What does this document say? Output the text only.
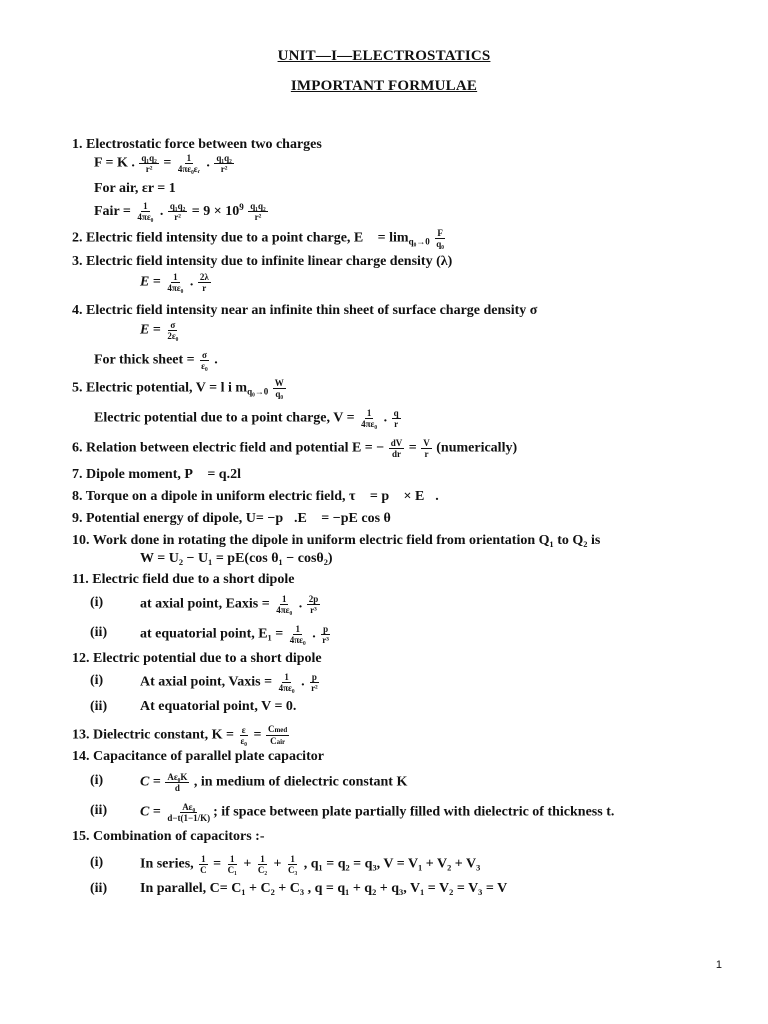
UNIT—I—ELECTROSTATICS
IMPORTANT FORMULAE
1. Electrostatic force between two charges
F = K . $\frac{\text{q₁q₂}}{\text{r²}} = \frac{1}{\text{4πε₀εᵣ}}$ . $\frac{\text{q₁q₂}}{\text{r²}}$
For air, εr = 1
Fair = $\frac{1}{\text{4πε₀}}$ . $\frac{\text{q₁q₂}}{\text{r²}} = 9 \times 10^9 \frac{\text{q₁q₂}}{\text{r²}}$
2. Electric field intensity due to a point charge, E⃗ = $\lim_{q_0\to 0} \frac{F}{\text{q₀}}$
3. Electric field intensity due to infinite linear charge density (λ)
$E = \frac{1}{\text{4πε₀}}$ . $\frac{2\lambda}{r}$
4. Electric field intensity near an infinite thin sheet of surface charge density σ
$E = \frac{\sigma}{\text{2ε₀}}$
For thick sheet = $\frac{\sigma}{\text{ε₀}}$ .
5. Electric potential, V = l i $m_{q_0\to 0} \frac{W}{\text{q₀}}$
Electric potential due to a point charge, $V = \frac{1}{\text{4πε₀}}$ . $\frac{q}{r}$
6. Relation between electric field and potential E = − $\frac{dV}{dr} = \frac{V}{r}$ (numerically)
7. Dipole moment, P⃗ = q.2l⃗
8. Torque on a dipole in uniform electric field, τ⃗ = p⃗ × E⃗.
9. Potential energy of dipole, U= −p⃗.E⃗ = −pE cos θ
10. Work done in rotating the dipole in uniform electric field from orientation Q₁ to Q₂ is
W = U₂ − U₁ = pE(cos θ₁ − cosθ₂)
11. Electric field due to a short dipole
(i)	at axial point, Eaxis = $\frac{1}{\text{4πε₀}}$ . $\frac{2p}{\text{r³}}$
(ii) at equatorial point, $E_1 = \frac{1}{\text{4πε₀}}$ . $\frac{p}{\text{r³}}$
12. Electric potential due to a short dipole
(i)	At axial point, Vaxis = $\frac{1}{\text{4πε₀}}$ . $\frac{p}{\text{r²}}$
(ii) At equatorial point, V = 0.
13. Dielectric constant, $K = \frac{\varepsilon}{\text{ε₀}} = \frac{\text{Cmed}}{\text{Cair}}$
14. Capacitance of parallel plate capacitor
(i)	$C = \frac{\text{Aε₀K}}{d}$ , in medium of dielectric constant K
(ii) $C = \frac{\text{Aε₀}}{d-t(1-1/K)}$ ; if space between plate partially filled with dielectric of thickness t.
15. Combination of capacitors :-
(i)	In series, $\frac{1}{C} = \frac{1}{\text{C₁}} + \frac{1}{\text{C₂}} + \frac{1}{\text{C₃}}$ , q₁ = q₂ = q₃, V = V₁ + V₂ + V₃
(ii) In parallel, C= C₁ + C₂ + C₃ , q = q₁ + q₂ + q₃, V₁ = V₂ = V₃ = V
1
